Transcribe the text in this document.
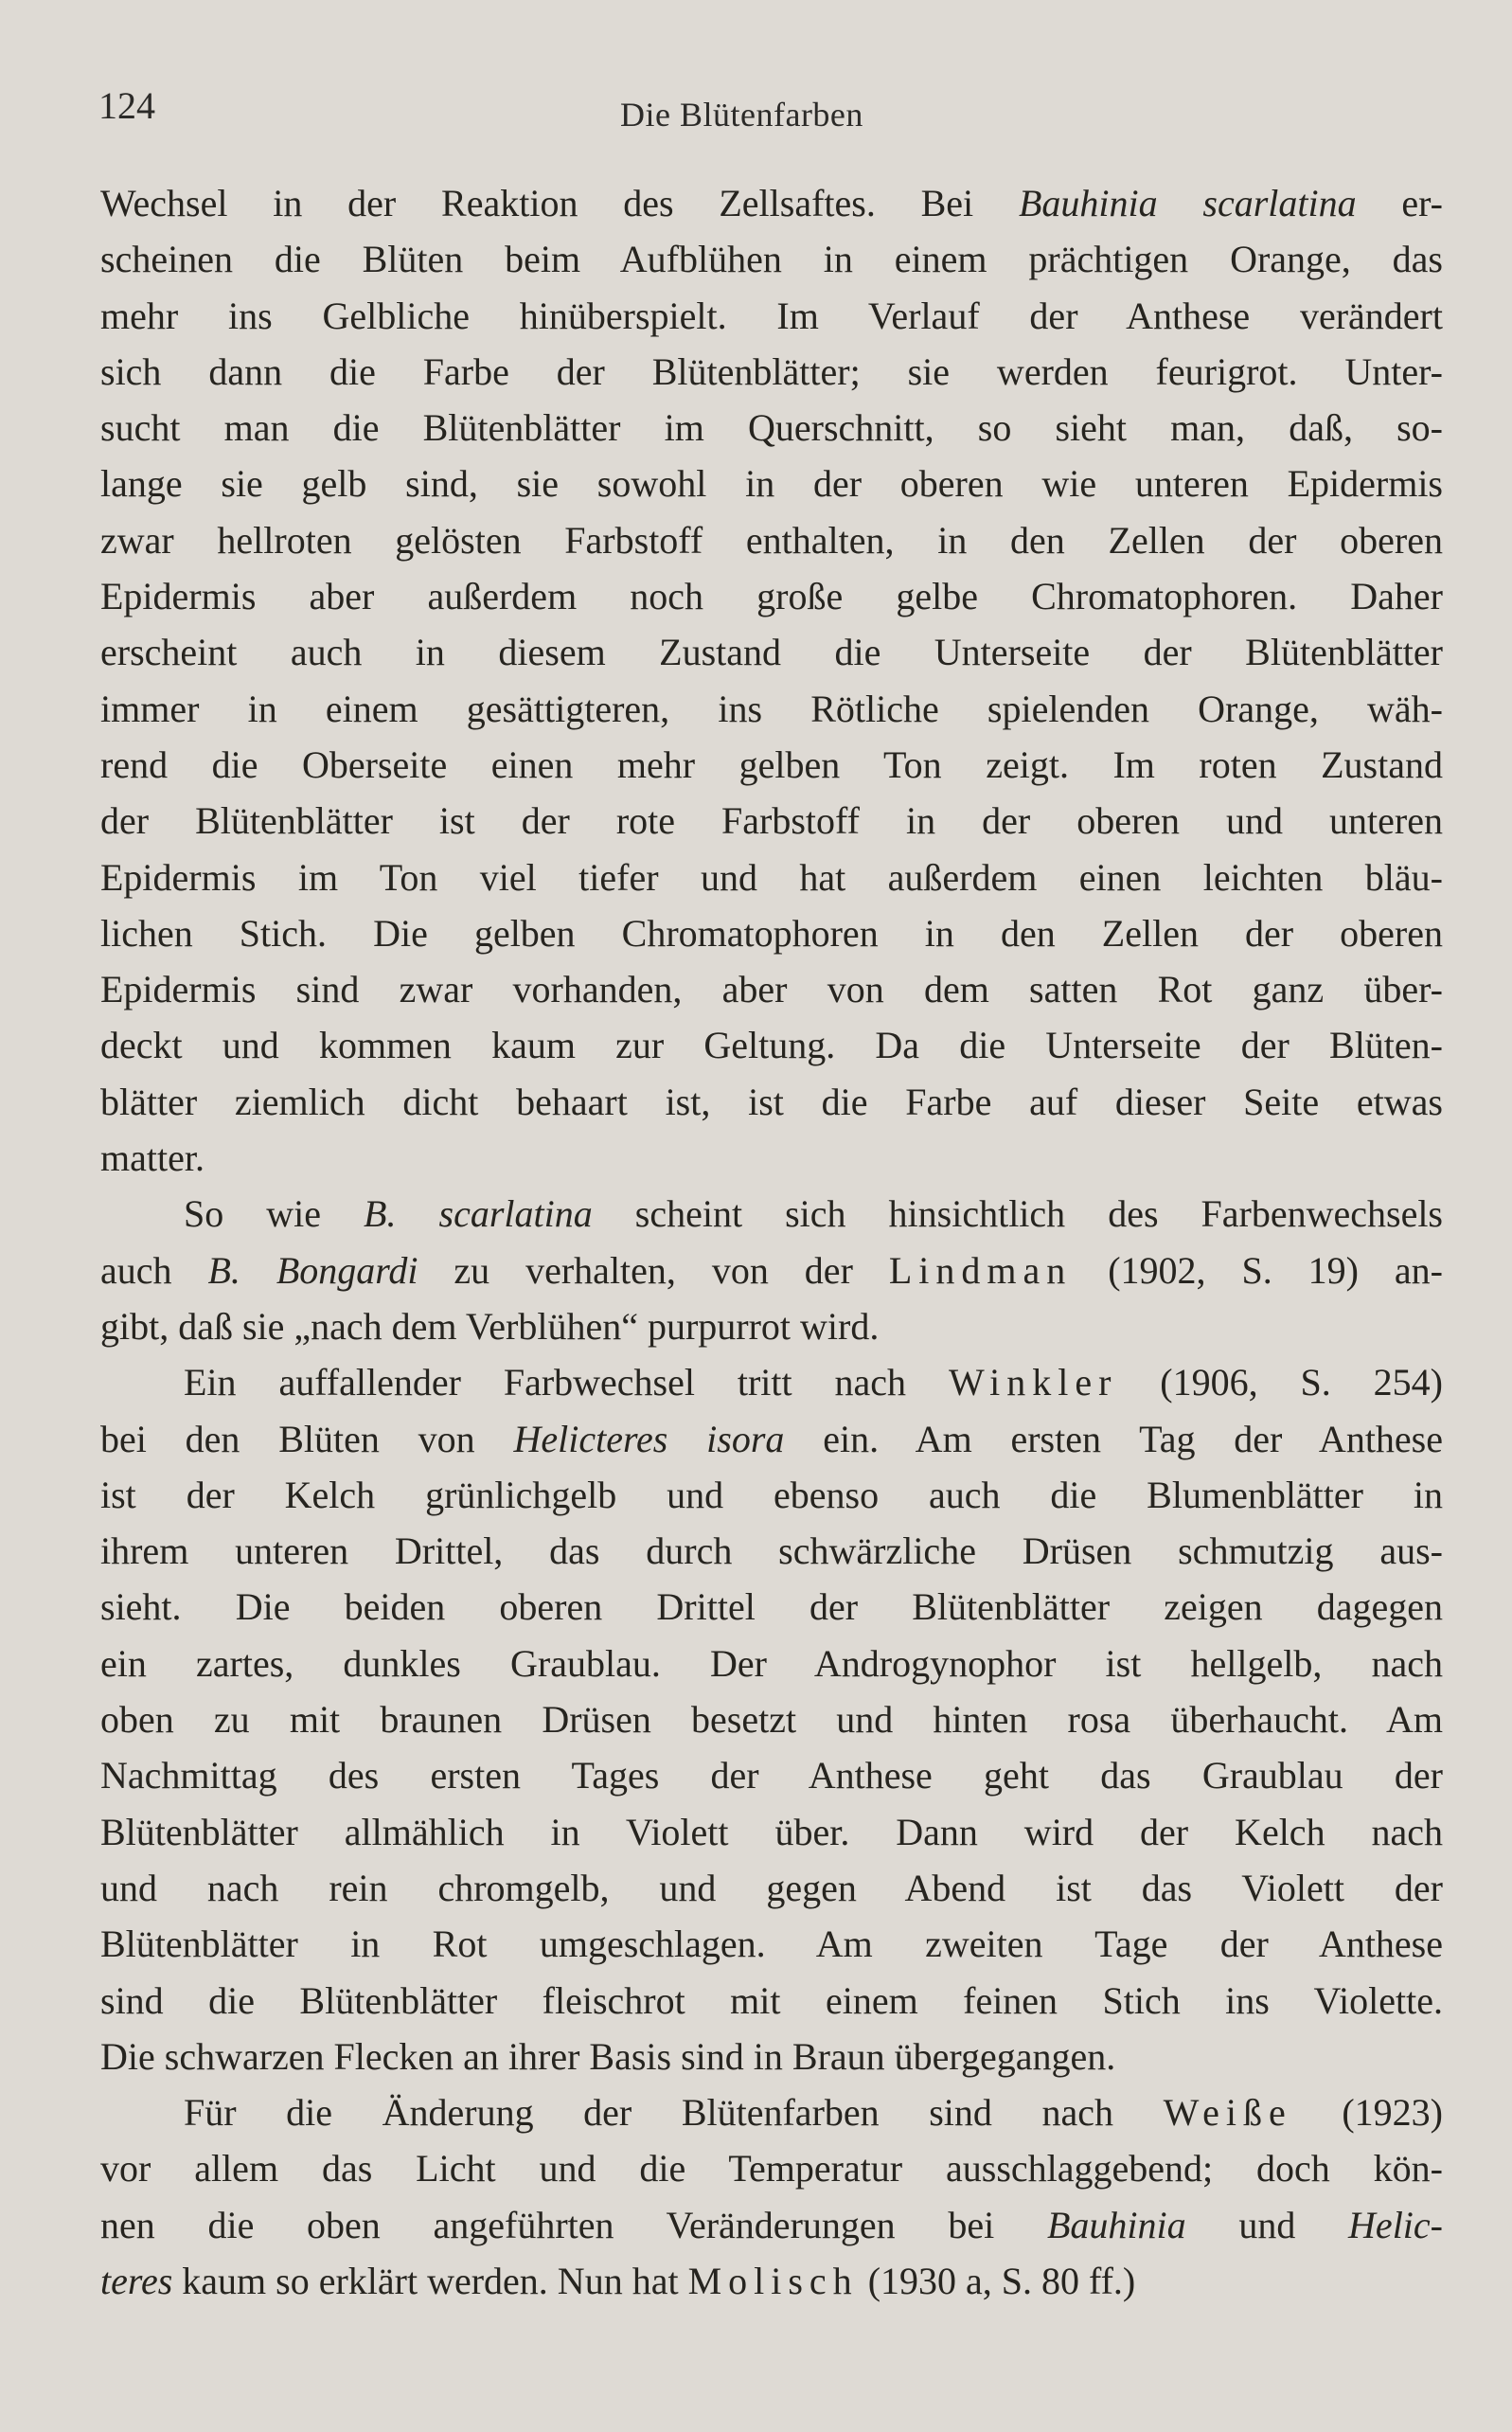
124	Die Blütenfarben

Wechsel in der Reaktion des Zellsaftes. Bei Bauhinia scarlatina er-
scheinen die Blüten beim Aufblühen in einem prächtigen Orange, das
mehr ins Gelbliche hinüberspielt. Im Verlauf der Anthese verändert
sich dann die Farbe der Blütenblätter; sie werden feurigrot. Unter-
sucht man die Blütenblätter im Querschnitt, so sieht man, daß, so-
lange sie gelb sind, sie sowohl in der oberen wie unteren Epidermis
zwar hellroten gelösten Farbstoff enthalten, in den Zellen der oberen
Epidermis aber außerdem noch große gelbe Chromatophoren. Daher
erscheint auch in diesem Zustand die Unterseite der Blütenblätter
immer in einem gesättigteren, ins Rötliche spielenden Orange, wäh-
rend die Oberseite einen mehr gelben Ton zeigt. Im roten Zustand
der Blütenblätter ist der rote Farbstoff in der oberen und unteren
Epidermis im Ton viel tiefer und hat außerdem einen leichten bläu-
lichen Stich. Die gelben Chromatophoren in den Zellen der oberen
Epidermis sind zwar vorhanden, aber von dem satten Rot ganz über-
deckt und kommen kaum zur Geltung. Da die Unterseite der Blüten-
blätter ziemlich dicht behaart ist, ist die Farbe auf dieser Seite etwas
matter.

So wie B. scarlatina scheint sich hinsichtlich des Farbenwechsels
auch B. Bongardi zu verhalten, von der Lindman (1902, S. 19) an-
gibt, daß sie „nach dem Verblühen“ purpurrot wird.

Ein auffallender Farbwechsel tritt nach Winkler (1906, S. 254)
bei den Blüten von Helicteres isora ein. Am ersten Tag der Anthese
ist der Kelch grünlichgelb und ebenso auch die Blumenblätter in
ihrem unteren Drittel, das durch schwärzliche Drüsen schmutzig aus-
sieht. Die beiden oberen Drittel der Blütenblätter zeigen dagegen
ein zartes, dunkles Graublau. Der Androgynophor ist hellgelb, nach
oben zu mit braunen Drüsen besetzt und hinten rosa überhaucht. Am
Nachmittag des ersten Tages der Anthese geht das Graublau der
Blütenblätter allmählich in Violett über. Dann wird der Kelch nach
und nach rein chromgelb, und gegen Abend ist das Violett der
Blütenblätter in Rot umgeschlagen. Am zweiten Tage der Anthese
sind die Blütenblätter fleischrot mit einem feinen Stich ins Violette.
Die schwarzen Flecken an ihrer Basis sind in Braun übergegangen.

Für die Änderung der Blütenfarben sind nach Weiße (1923)
vor allem das Licht und die Temperatur ausschlaggebend; doch kön-
nen die oben angeführten Veränderungen bei Bauhinia und Helic-
teres kaum so erklärt werden. Nun hat Molisch (1930 a, S. 80 ff.)
